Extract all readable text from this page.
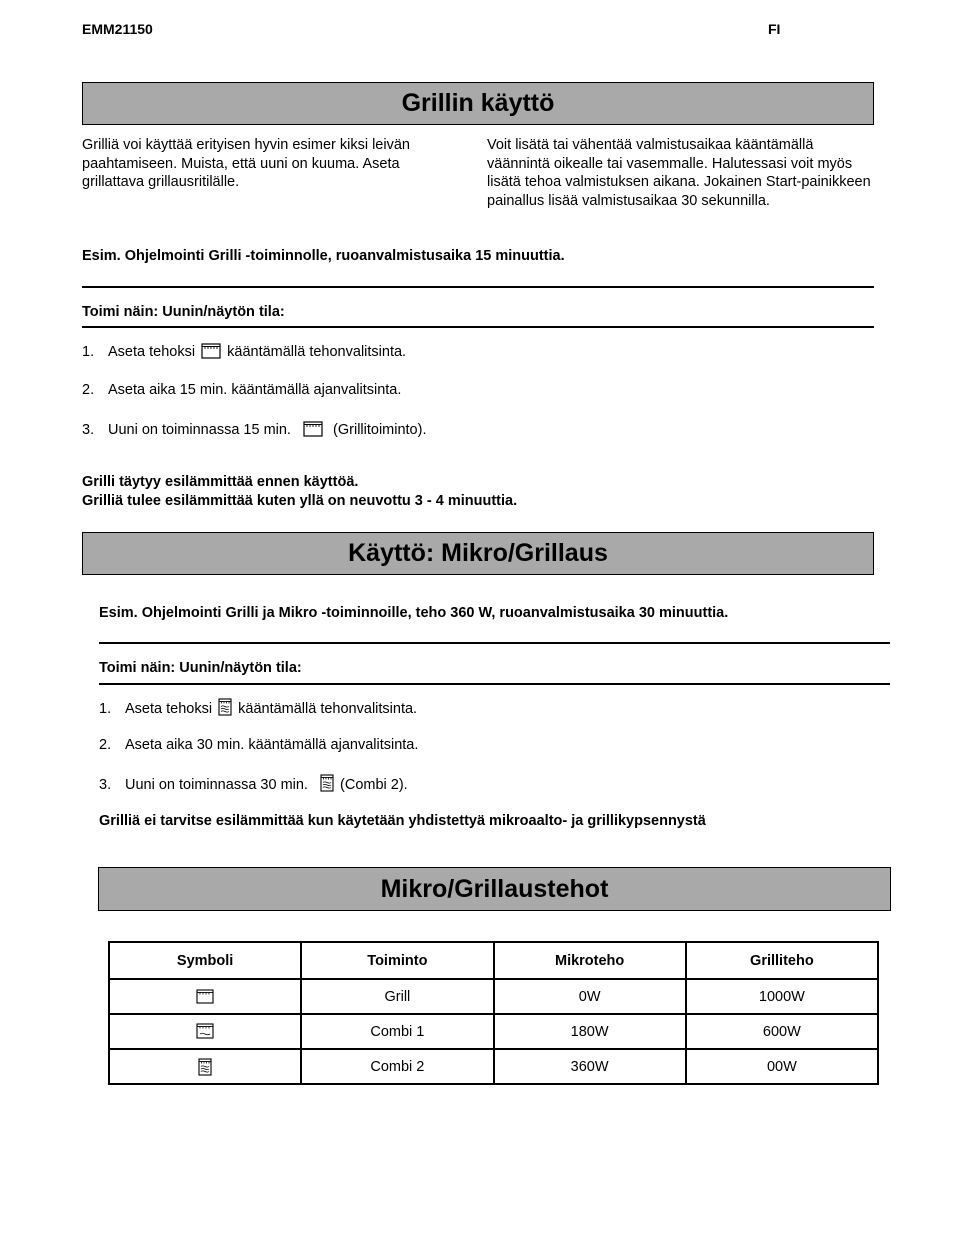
EMM21150	FI
Grillin käyttö
Grilliä voi käyttää erityisen hyvin esimer kiksi leivän paahtamiseen. Muista, että uuni on kuuma. Aseta grillattava grillausritilälle.
Voit lisätä tai vähentää valmistusaikaa kääntämällä väännintä oikealle tai vasemmalle. Halutessasi voit myös lisätä tehoa valmistuksen aikana. Jokainen Start-painikkeen painallus lisää valmistusaikaa 30 sekunnilla.
Esim. Ohjelmointi Grilli -toiminnolle, ruoanvalmistusaika 15 minuuttia.
Toimi näin: Uunin/näytön tila:
1. Aseta tehoksi kääntämällä tehonvalitsinta.
2. Aseta aika 15 min. kääntämällä ajanvalitsinta.
3. Uuni on toiminnassa 15 min.	(Grillitoiminto).
Grilli täytyy esilämmittää ennen käyttöä.
Grilliä tulee esilämmittää kuten yllä on neuvottu 3 - 4 minuuttia.
Käyttö: Mikro/Grillaus
Esim. Ohjelmointi Grilli ja Mikro -toiminnoille, teho 360 W, ruoanvalmistusaika 30 minuuttia.
Toimi näin: Uunin/näytön tila:
1. Aseta tehoksi kääntämällä tehonvalitsinta.
2. Aseta aika 30 min. kääntämällä ajanvalitsinta.
3. Uuni on toiminnassa 30 min. (Combi 2).
Grilliä ei tarvitse esilämmittää kun käytetään yhdistettyä mikroaalto- ja grillikypsennystä
Mikro/Grillaustehot
Symboli	Toiminto	Mikroteho	Grilliteho
	Grill	0W	1000W
	Combi 1	180W	600W
	Combi 2	360W	00W
